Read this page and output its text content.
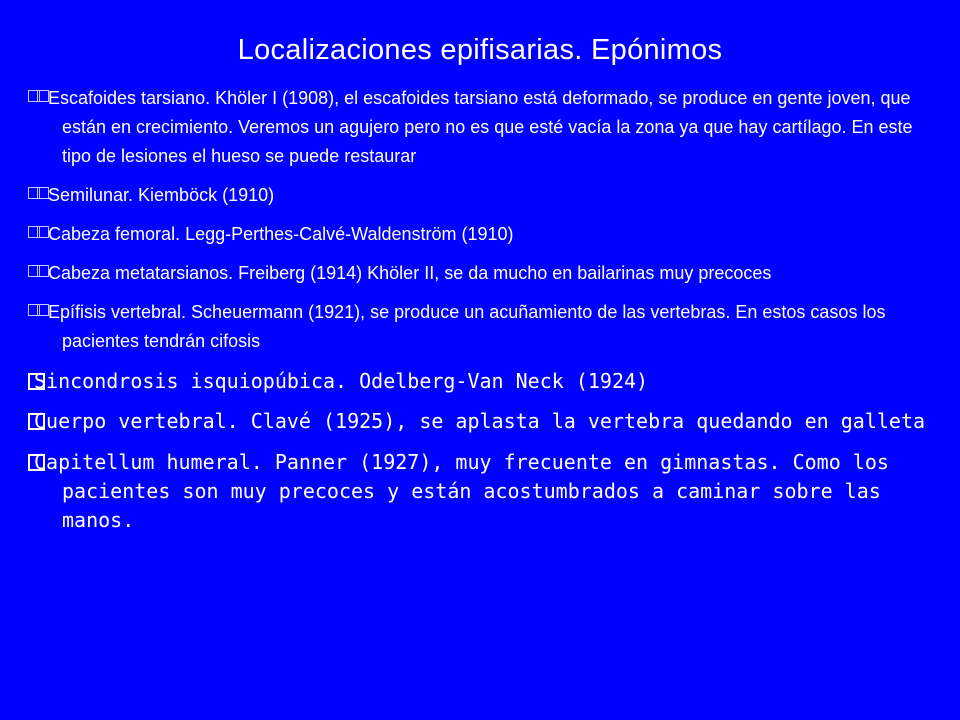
Localizaciones epifisarias. Epónimos
Escafoides tarsiano. Khöler I (1908), el escafoides tarsiano está deformado, se produce en gente joven, que están en crecimiento. Veremos un agujero pero no es que esté vacía la zona ya que hay cartílago. En este tipo de lesiones el hueso se puede restaurar
Semilunar. Kiemböck (1910)
Cabeza femoral. Legg-Perthes-Calvé-Waldenström (1910)
Cabeza metatarsianos. Freiberg (1914) Khöler II, se da mucho en bailarinas muy precoces
Epífisis vertebral. Scheuermann (1921), se produce un acuñamiento de las vertebras. En estos casos los pacientes tendrán cifosis
Sincondrosis isquiopúbica. Odelberg-Van Neck (1924)
Cuerpo vertebral. Clavé (1925), se aplasta la vertebra quedando en galleta
Capitellum humeral. Panner (1927), muy frecuente en gimnastas. Como los pacientes son muy precoces y están acostumbrados a caminar sobre las manos.
